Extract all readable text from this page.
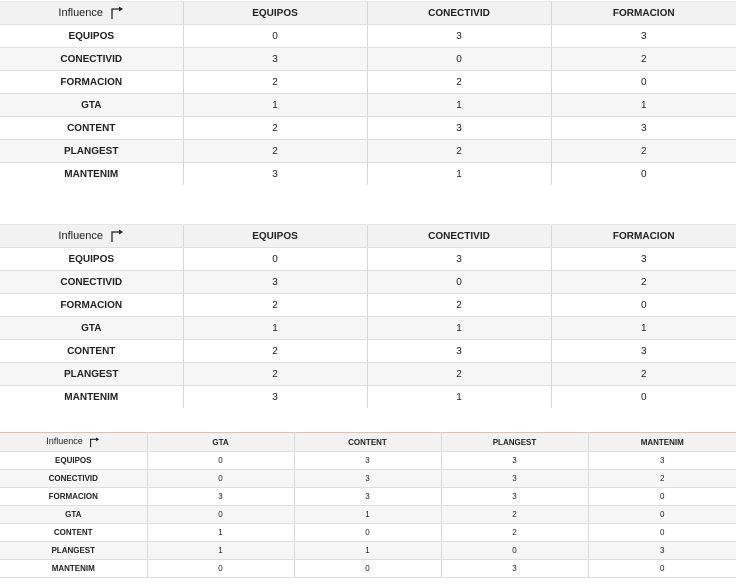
Influence	EQUIPOS	CONECTIVID	FORMACION
EQUIPOS	0	3	3
CONECTIVID	3	0	2
FORMACION	2	2	0
GTA	1	1	1
CONTENT	2	3	3
PLANGEST	2	2	2
MANTENIM	3	1	0
Influence	EQUIPOS	CONECTIVID	FORMACION
EQUIPOS	0	3	3
CONECTIVID	3	0	2
FORMACION	2	2	0
GTA	1	1	1
CONTENT	2	3	3
PLANGEST	2	2	2
MANTENIM	3	1	0
Influence	GTA	CONTENT	PLANGEST	MANTENIM
EQUIPOS	0	3	3	3
CONECTIVID	0	3	3	2
FORMACION	3	3	3	0
GTA	0	1	2	0
CONTENT	1	0	2	0
PLANGEST	1	1	0	3
MANTENIM	0	0	3	0
